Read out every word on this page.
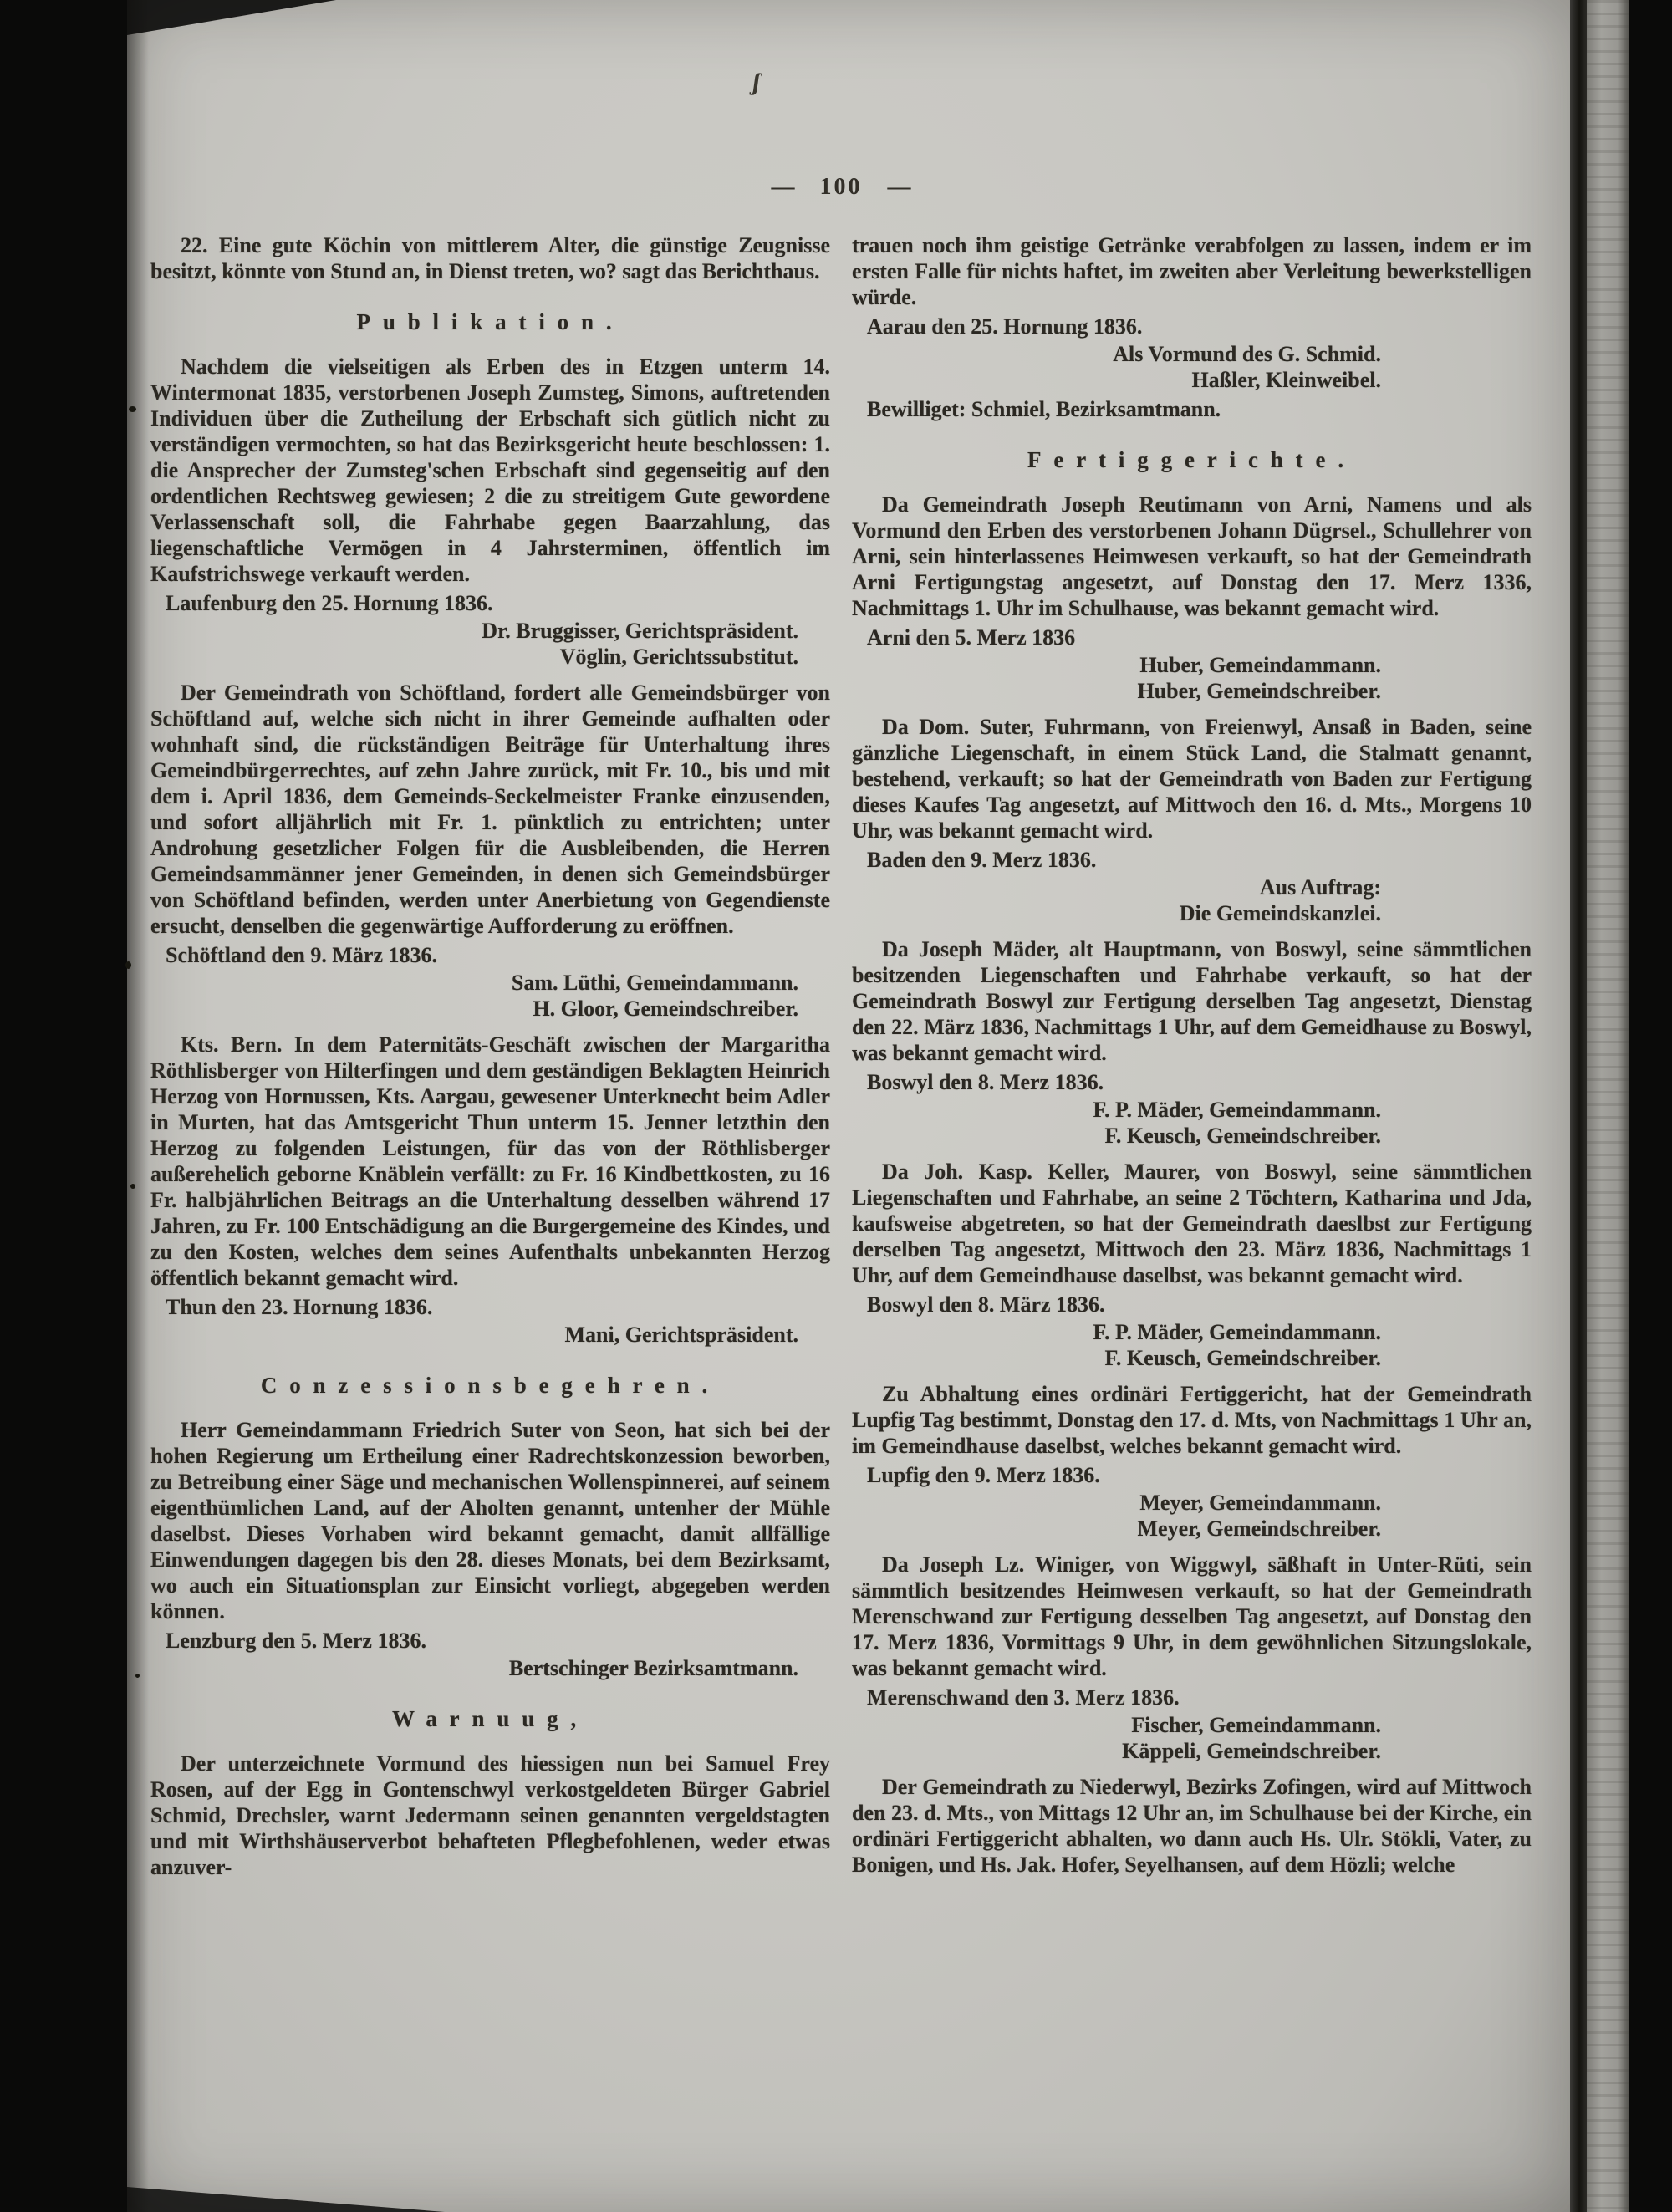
ʃ
— 100 —

22. Eine gute Köchin von mittlerem Alter, die günstige Zeugnisse besitzt, könnte von Stund an, in Dienst treten, wo? sagt das Berichthaus.

Publikation.

Nachdem die vielseitigen als Erben des in Etzgen unterm 14. Wintermonat 1835, verstorbenen Joseph Zumsteg, Simons, auftretenden Individuen über die Zutheilung der Erbschaft sich gütlich nicht zu verständigen vermochten, so hat das Bezirksgericht heute beschlossen: 1. die Ansprecher der Zumsteg'schen Erbschaft sind gegenseitig auf den ordentlichen Rechtsweg gewiesen; 2 die zu streitigem Gute gewordene Verlassenschaft soll, die Fahrhabe gegen Baarzahlung, das liegenschaftliche Vermögen in 4 Jahrsterminen, öffentlich im Kaufstrichswege verkauft werden.

Laufenburg den 25. Hornung 1836.

Dr. Bruggisser, Gerichtspräsident.

Vöglin, Gerichtssubstitut.

Der Gemeindrath von Schöftland, fordert alle Gemeindsbürger von Schöftland auf, welche sich nicht in ihrer Gemeinde aufhalten oder wohnhaft sind, die rückständigen Beiträge für Unterhaltung ihres Gemeindbürgerrechtes, auf zehn Jahre zurück, mit Fr. 10., bis und mit dem i. April 1836, dem Gemeinds-Seckelmeister Franke einzusenden, und sofort alljährlich mit Fr. 1. pünktlich zu entrichten; unter Androhung gesetzlicher Folgen für die Ausbleibenden, die Herren Gemeindsammänner jener Gemeinden, in denen sich Gemeindsbürger von Schöftland befinden, werden unter Anerbietung von Gegendienste ersucht, denselben die gegenwärtige Aufforderung zu eröffnen.

Schöftland den 9. März 1836.

Sam. Lüthi, Gemeindammann.

H. Gloor, Gemeindschreiber.

Kts. Bern. In dem Paternitäts-Geschäft zwischen der Margaritha Röthlisberger von Hilterfingen und dem geständigen Beklagten Heinrich Herzog von Hornussen, Kts. Aargau, gewesener Unterknecht beim Adler in Murten, hat das Amtsgericht Thun unterm 15. Jenner letzthin den Herzog zu folgenden Leistungen, für das von der Röthlisberger außerehelich geborne Knäblein verfällt: zu Fr. 16 Kindbettkosten, zu 16 Fr. halbjährlichen Beitrags an die Unterhaltung desselben während 17 Jahren, zu Fr. 100 Entschädigung an die Burgergemeine des Kindes, und zu den Kosten, welches dem seines Aufenthalts unbekannten Herzog öffentlich bekannt gemacht wird.

Thun den 23. Hornung 1836.

Mani, Gerichtspräsident.

Conzessionsbegehren.

Herr Gemeindammann Friedrich Suter von Seon, hat sich bei der hohen Regierung um Ertheilung einer Radrechtskonzession beworben, zu Betreibung einer Säge und mechanischen Wollenspinnerei, auf seinem eigenthümlichen Land, auf der Aholten genannt, untenher der Mühle daselbst. Dieses Vorhaben wird bekannt gemacht, damit allfällige Einwendungen dagegen bis den 28. dieses Monats, bei dem Bezirksamt, wo auch ein Situationsplan zur Einsicht vorliegt, abgegeben werden können.

Lenzburg den 5. Merz 1836.

Bertschinger Bezirksamtmann.

Warnuug,

Der unterzeichnete Vormund des hiessigen nun bei Samuel Frey Rosen, auf der Egg in Gontenschwyl verkostgeldeten Bürger Gabriel Schmid, Drechsler, warnt Jedermann seinen genannten vergeldstagten und mit Wirthshäuserverbot behafteten Pflegbefohlenen, weder etwas anzuver-

trauen noch ihm geistige Getränke verabfolgen zu lassen, indem er im ersten Falle für nichts haftet, im zweiten aber Verleitung bewerkstelligen würde.

Aarau den 25. Hornung 1836.

Als Vormund des G. Schmid.

Haßler, Kleinweibel.

Bewilliget: Schmiel, Bezirksamtmann.

Fertiggerichte.

Da Gemeindrath Joseph Reutimann von Arni, Namens und als Vormund den Erben des verstorbenen Johann Dügrsel., Schullehrer von Arni, sein hinterlassenes Heimwesen verkauft, so hat der Gemeindrath Arni Fertigungstag angesetzt, auf Donstag den 17. Merz 1336, Nachmittags 1. Uhr im Schulhause, was bekannt gemacht wird.

Arni den 5. Merz 1836

Huber, Gemeindammann.

Huber, Gemeindschreiber.

Da Dom. Suter, Fuhrmann, von Freienwyl, Ansaß in Baden, seine gänzliche Liegenschaft, in einem Stück Land, die Stalmatt genannt, bestehend, verkauft; so hat der Gemeindrath von Baden zur Fertigung dieses Kaufes Tag angesetzt, auf Mittwoch den 16. d. Mts., Morgens 10 Uhr, was bekannt gemacht wird.

Baden den 9. Merz 1836.

Aus Auftrag:

Die Gemeindskanzlei.

Da Joseph Mäder, alt Hauptmann, von Boswyl, seine sämmtlichen besitzenden Liegenschaften und Fahrhabe verkauft, so hat der Gemeindrath Boswyl zur Fertigung derselben Tag angesetzt, Dienstag den 22. März 1836, Nachmittags 1 Uhr, auf dem Gemeidhause zu Boswyl, was bekannt gemacht wird.

Boswyl den 8. Merz 1836.

F. P. Mäder, Gemeindammann.

F. Keusch, Gemeindschreiber.

Da Joh. Kasp. Keller, Maurer, von Boswyl, seine sämmtlichen Liegenschaften und Fahrhabe, an seine 2 Töchtern, Katharina und Jda, kaufsweise abgetreten, so hat der Gemeindrath daeslbst zur Fertigung derselben Tag angesetzt, Mittwoch den 23. März 1836, Nachmittags 1 Uhr, auf dem Gemeindhause daselbst, was bekannt gemacht wird.

Boswyl den 8. März 1836.

F. P. Mäder, Gemeindammann.

F. Keusch, Gemeindschreiber.

Zu Abhaltung eines ordinäri Fertiggericht, hat der Gemeindrath Lupfig Tag bestimmt, Donstag den 17. d. Mts, von Nachmittags 1 Uhr an, im Gemeindhause daselbst, welches bekannt gemacht wird.

Lupfig den 9. Merz 1836.

Meyer, Gemeindammann.

Meyer, Gemeindschreiber.

Da Joseph Lz. Winiger, von Wiggwyl, säßhaft in Unter-Rüti, sein sämmtlich besitzendes Heimwesen verkauft, so hat der Gemeindrath Merenschwand zur Fertigung desselben Tag angesetzt, auf Donstag den 17. Merz 1836, Vormittags 9 Uhr, in dem gewöhnlichen Sitzungslokale, was bekannt gemacht wird.

Merenschwand den 3. Merz 1836.

Fischer, Gemeindammann.

Käppeli, Gemeindschreiber.

Der Gemeindrath zu Niederwyl, Bezirks Zofingen, wird auf Mittwoch den 23. d. Mts., von Mittags 12 Uhr an, im Schulhause bei der Kirche, ein ordinäri Fertiggericht abhalten, wo dann auch Hs. Ulr. Stökli, Vater, zu Bonigen, und Hs. Jak. Hofer, Seyelhansen, auf dem Hözli; welche
